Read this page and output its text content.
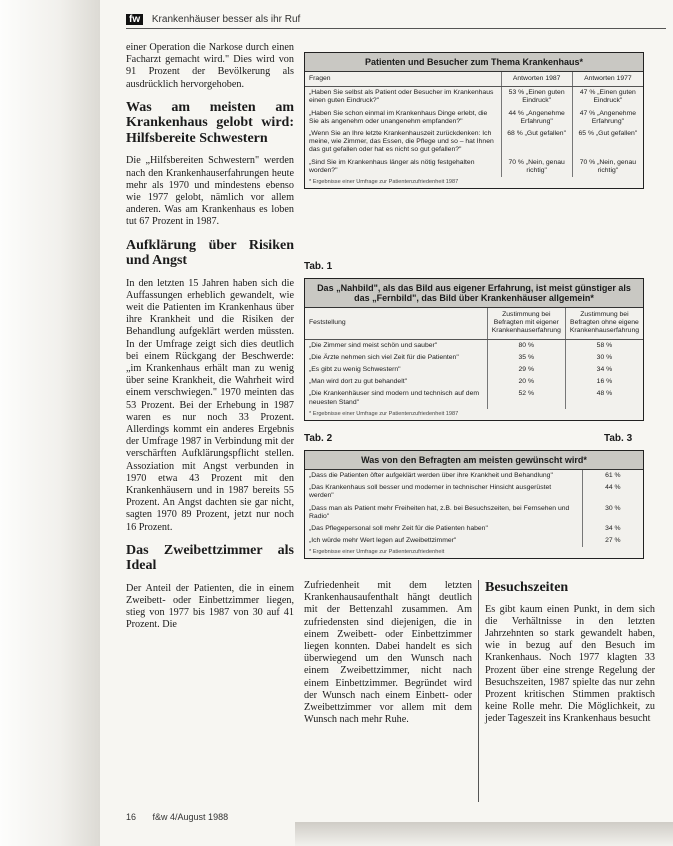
fw Krankenhäuser besser als ihr Ruf

einer Operation die Narkose durch einen Facharzt gemacht wird." Dies wird von 91 Prozent der Bevölkerung als ausdrücklich hervorgehoben.

Was am meisten am Krankenhaus gelobt wird: Hilfsbereite Schwestern

Die „Hilfsbereiten Schwestern" werden nach den Krankenhauserfahrungen heute mehr als 1970 und mindestens ebenso wie 1977 gelobt, nämlich vor allem anderen. Was am Krankenhaus es loben tut 67 Prozent in 1987.

Aufklärung über Risiken und Angst

In den letzten 15 Jahren haben sich die Auffassungen erheblich gewandelt, wie weit die Patienten im Krankenhaus über ihre Krankheit und die Risiken der Behandlung aufgeklärt werden müssten. In der Umfrage zeigt sich dies deutlich bei einem Rückgang der Beschwerde: „im Krankenhaus erhält man zu wenig über seine Krankheit, die Wahrheit wird einem verschwiegen." 1970 meinten das 53 Prozent. Bei der Erhebung in 1987 waren es nur noch 33 Prozent. Allerdings kommt ein anderes Ergebnis der Umfrage 1987 in Verbindung mit der verschärften Aufklärungspflicht stellen. Assoziation mit Angst verbunden in 1970 etwa 43 Prozent mit den Krankenhäusern und in 1987 bereits 55 Prozent. An Angst dachten sie gar nicht, sagten 1970 89 Prozent, jetzt nur noch 16 Prozent.

Das Zweibettzimmer als Ideal

Der Anteil der Patienten, die in einem Zweibett- oder Einbettzimmer liegen, stieg von 1977 bis 1987 von 30 auf 41 Prozent. Die

Patienten und Besucher zum Thema Krankenhaus*
Fragen	Antworten 1987	Antworten 1977
„Haben Sie selbst als Patient oder Besucher im Krankenhaus einen guten Eindruck?"	53 % „Einen guten Eindruck"	47 % „Einen guten Eindruck"
„Haben Sie schon einmal im Krankenhaus Dinge erlebt, die Sie als angenehm oder unangenehm empfanden?"	44 % „Angenehme Erfahrung"	47 % „Angenehme Erfahrung"
„Wenn Sie an Ihre letzte Krankenhauszeit zurückdenken: Ich meine, wie Zimmer, das Essen, die Pflege und so – hat Ihnen das gut gefallen oder hat es nicht so gut gefallen?"	68 % „Gut gefallen"	65 % „Gut gefallen"
„Sind Sie im Krankenhaus länger als nötig festgehalten worden?"	70 % „Nein, genau richtig"	70 % „Nein, genau richtig"
* Ergebnisse einer Umfrage zur Patientenzufriedenheit 1987
Tab. 1
Das „Nahbild", als das Bild aus eigener Erfahrung, ist meist günstiger als das „Fernbild", das Bild über Krankenhäuser allgemein*
Feststellung	Zustimmung bei Befragten mit eigener Krankenhauserfahrung	Zustimmung bei Befragten ohne eigene Krankenhauserfahrung
„Die Zimmer sind meist schön und sauber"	80 %	58 %
„Die Ärzte nehmen sich viel Zeit für die Patienten"	35 %	30 %
„Es gibt zu wenig Schwestern"	29 %	34 %
„Man wird dort zu gut behandelt"	20 %	16 %
„Die Krankenhäuser sind modern und technisch auf dem neuesten Stand"	52 %	48 %
* Ergebnisse einer Umfrage zur Patientenzufriedenheit 1987
Tab. 2	Tab. 3
Was von den Befragten am meisten gewünscht wird*
„Dass die Patienten öfter aufgeklärt werden über ihre Krankheit und Behandlung"	61 %
„Das Krankenhaus soll besser und moderner in technischer Hinsicht ausgerüstet werden"	44 %
„Dass man als Patient mehr Freiheiten hat, z.B. bei Besuchszeiten, bei Fernsehen und Radio"	30 %
„Das Pflegepersonal soll mehr Zeit für die Patienten haben"	34 %
„Ich würde mehr Wert legen auf Zweibettzimmer"	27 %
* Ergebnisse einer Umfrage zur Patientenzufriedenheit

Zufriedenheit mit dem letzten Krankenhausaufenthalt hängt deutlich mit der Bettenzahl zusammen. Am zufriedensten sind diejenigen, die in einem Zweibett- oder Einbettzimmer liegen konnten. Dabei handelt es sich überwiegend um den Wunsch nach einem Zweibettzimmer, nicht nach einem Einbettzimmer. Begründet wird der Wunsch nach einem Einbett- oder Zweibettzimmer vor allem mit dem Wunsch nach mehr Ruhe.

Besuchszeiten

Es gibt kaum einen Punkt, in dem sich die Verhältnisse in den letzten Jahrzehnten so stark gewandelt haben, wie in bezug auf den Besuch im Krankenhaus. Noch 1977 klagten 33 Prozent über eine strenge Regelung der Besuchszeiten, 1987 spielte das nur zehn Prozent kritischen Stimmen praktisch keine Rolle mehr. Die Möglichkeit, zu jeder Tageszeit ins Krankenhaus besucht

16 f&w 4/August 1988
